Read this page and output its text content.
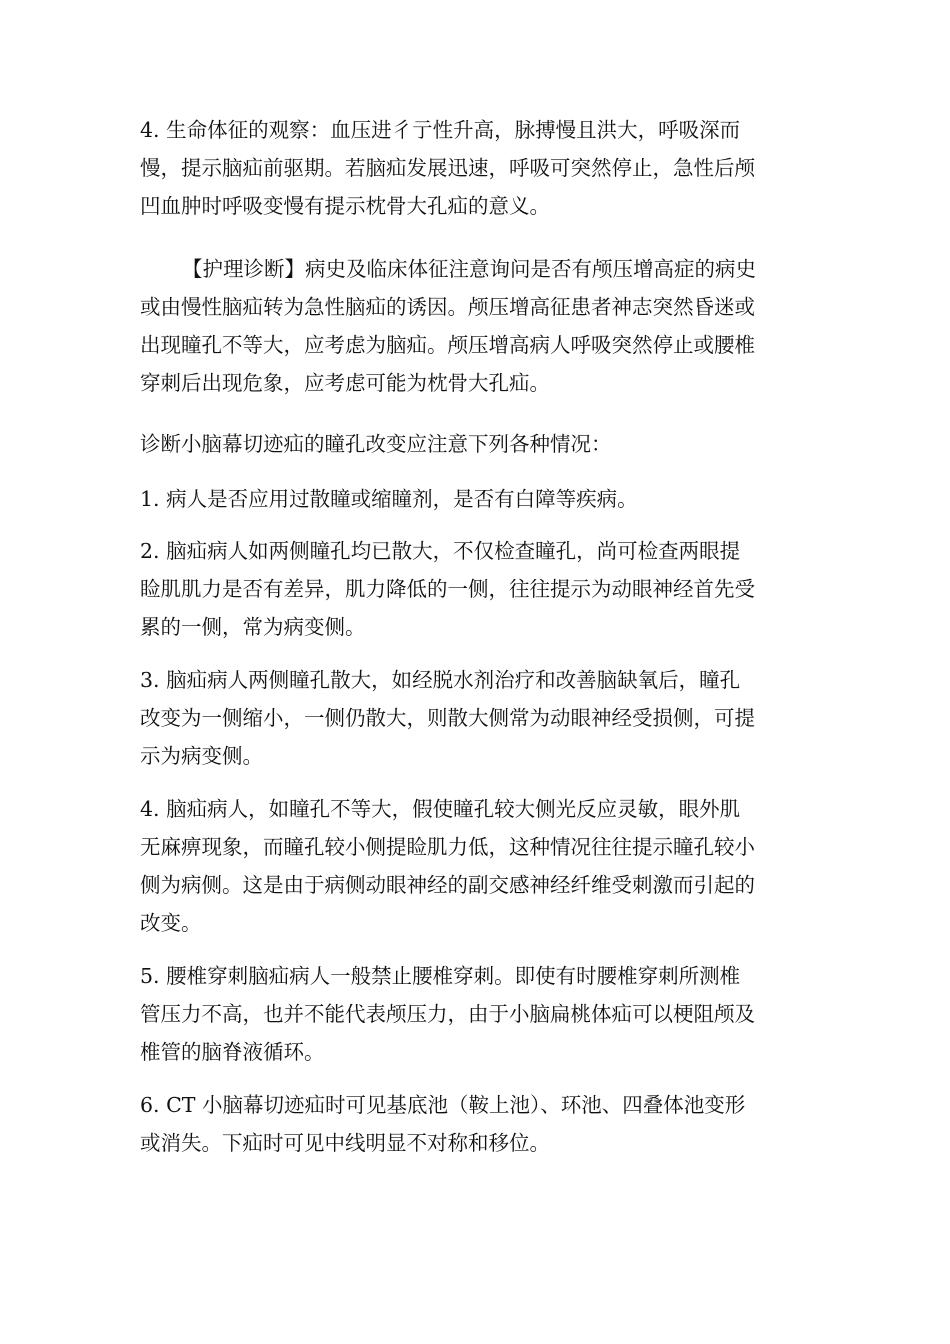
4. 生命体征的观察：血压进彳亍性升高，脉搏慢且洪大，呼吸深而
慢，提示脑疝前驱期。若脑疝发展迅速，呼吸可突然停止，急性后颅
凹血肿时呼吸变慢有提示枕骨大孔疝的意义。

【护理诊断】病史及临床体征注意询问是否有颅压增高症的病史
或由慢性脑疝转为急性脑疝的诱因。颅压增高征患者神志突然昏迷或
出现瞳孔不等大，应考虑为脑疝。颅压增高病人呼吸突然停止或腰椎
穿刺后出现危象，应考虑可能为枕骨大孔疝。

诊断小脑幕切迹疝的瞳孔改变应注意下列各种情况：

1. 病人是否应用过散瞳或缩瞳剂，是否有白障等疾病。

2. 脑疝病人如两侧瞳孔均已散大，不仅检查瞳孔，尚可检查两眼提
睑肌肌力是否有差异，肌力降低的一侧，往往提示为动眼神经首先受
累的一侧，常为病变侧。

3. 脑疝病人两侧瞳孔散大，如经脱水剂治疗和改善脑缺氧后，瞳孔
改变为一侧缩小，一侧仍散大，则散大侧常为动眼神经受损侧，可提
示为病变侧。

4. 脑疝病人，如瞳孔不等大，假使瞳孔较大侧光反应灵敏，眼外肌
无麻痹现象，而瞳孔较小侧提睑肌力低，这种情况往往提示瞳孔较小
侧为病侧。这是由于病侧动眼神经的副交感神经纤维受刺激而引起的
改变。

5. 腰椎穿刺脑疝病人一般禁止腰椎穿刺。即使有时腰椎穿刺所测椎
管压力不高，也并不能代表颅压力，由于小脑扁桃体疝可以梗阻颅及
椎管的脑脊液循环。

6. CT 小脑幕切迹疝时可见基底池（鞍上池）、环池、四叠体池变形
或消失。下疝时可见中线明显不对称和移位。
